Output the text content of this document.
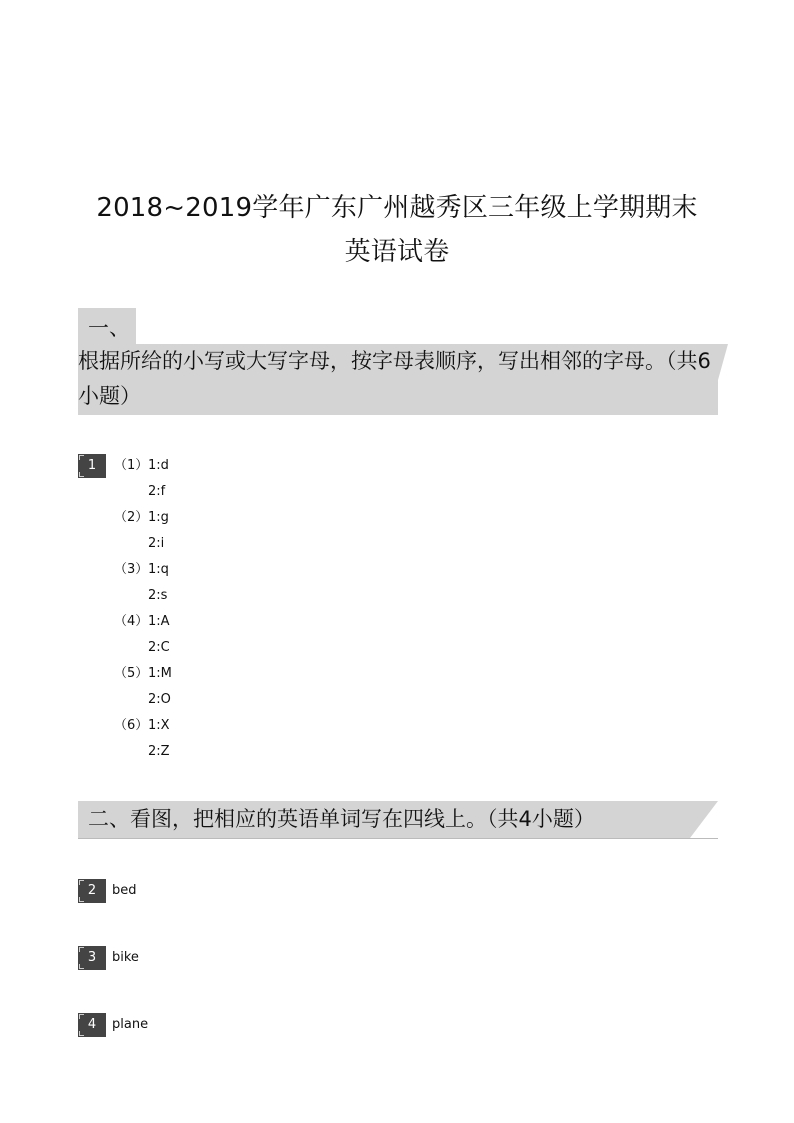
2018~2019学年广东广州越秀区三年级上学期期末
英语试卷
一、
根据所给的小写或大写字母，按字母表顺序，写出相邻的字母。（共6小题）
1	（1） 1:d
2:f
（2） 1:g
2:i
（3） 1:q
2:s
（4） 1:A
2:C
（5） 1:M
2:O
（6） 1:X
2:Z
二、看图，把相应的英语单词写在四线上。（共4小题）
2	bed
3	bike
4	plane
